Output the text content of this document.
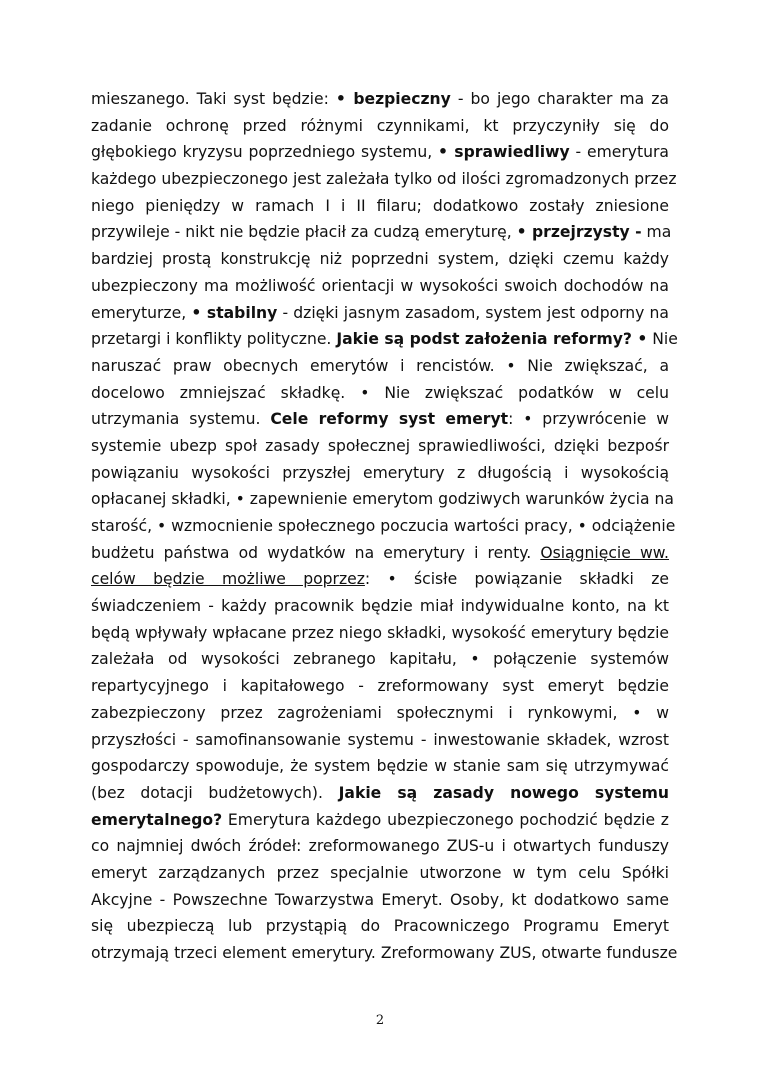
mieszanego. Taki syst będzie: • bezpieczny - bo jego charakter ma za
zadanie ochronę przed różnymi czynnikami, kt przyczyniły się do
głębokiego kryzysu poprzedniego systemu, • sprawiedliwy - emerytura
każdego ubezpieczonego jest zależała tylko od ilości zgromadzonych przez
niego pieniędzy w ramach I i II filaru; dodatkowo zostały zniesione
przywileje - nikt nie będzie płacił za cudzą emeryturę, • przejrzysty - ma
bardziej prostą konstrukcję niż poprzedni system, dzięki czemu każdy
ubezpieczony ma możliwość orientacji w wysokości swoich dochodów na
emeryturze, • stabilny - dzięki jasnym zasadom, system jest odporny na
przetargi i konflikty polityczne. Jakie są podst założenia reformy? • Nie
naruszać praw obecnych emerytów i rencistów. • Nie zwiększać, a
docelowo zmniejszać składkę. • Nie zwiększać podatków w celu
utrzymania systemu. Cele reformy syst emeryt: • przywrócenie w
systemie ubezp społ zasady społecznej sprawiedliwości, dzięki bezpośr
powiązaniu wysokości przyszłej emerytury z długością i wysokością
opłacanej składki, • zapewnienie emerytom godziwych warunków życia na
starość, • wzmocnienie społecznego poczucia wartości pracy, • odciążenie
budżetu państwa od wydatków na emerytury i renty. Osiągnięcie ww.
celów będzie możliwe poprzez: • ścisłe powiązanie składki ze
świadczeniem - każdy pracownik będzie miał indywidualne konto, na kt
będą wpływały wpłacane przez niego składki, wysokość emerytury będzie
zależała od wysokości zebranego kapitału, • połączenie systemów
repartycyjnego i kapitałowego - zreformowany syst emeryt będzie
zabezpieczony przez zagrożeniami społecznymi i rynkowymi, • w
przyszłości - samofinansowanie systemu - inwestowanie składek, wzrost
gospodarczy spowoduje, że system będzie w stanie sam się utrzymywać
(bez dotacji budżetowych). Jakie są zasady nowego systemu
emerytalnego? Emerytura każdego ubezpieczonego pochodzić będzie z
co najmniej dwóch źródeł: zreformowanego ZUS-u i otwartych funduszy
emeryt zarządzanych przez specjalnie utworzone w tym celu Spółki
Akcyjne - Powszechne Towarzystwa Emeryt. Osoby, kt dodatkowo same
się ubezpieczą lub przystąpią do Pracowniczego Programu Emeryt
otrzymają trzeci element emerytury. Zreformowany ZUS, otwarte fundusze
2
